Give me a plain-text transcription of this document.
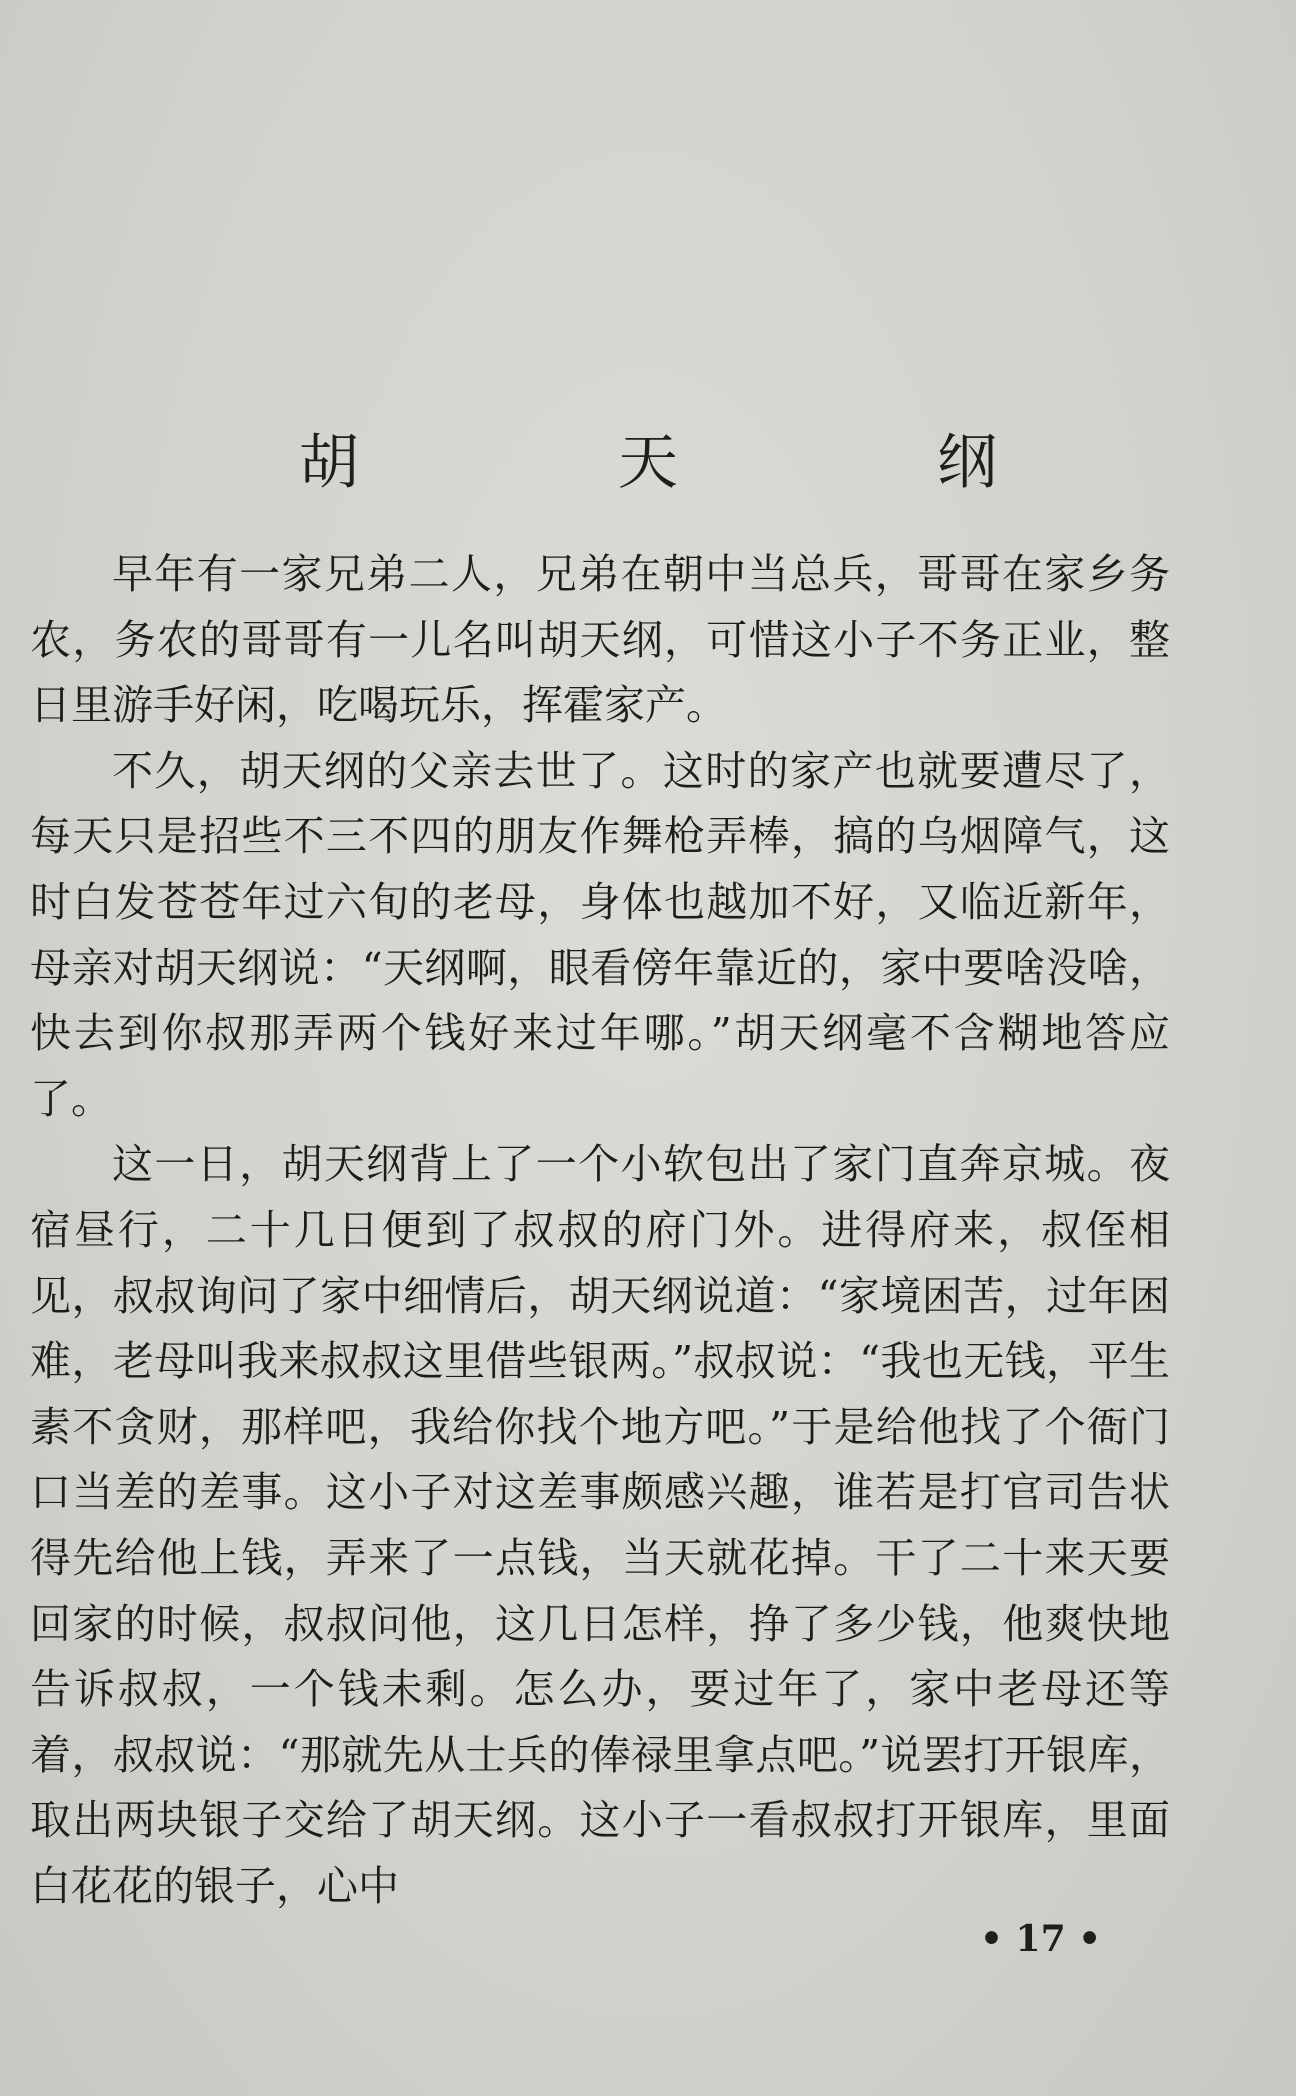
胡 天 纲

早年有一家兄弟二人，兄弟在朝中当总兵，哥哥在家乡务农，务农的哥哥有一儿名叫胡天纲，可惜这小子不务正业，整日里游手好闲，吃喝玩乐，挥霍家产。

不久，胡天纲的父亲去世了。这时的家产也就要遭尽了，每天只是招些不三不四的朋友作舞枪弄棒，搞的乌烟障气，这时白发苍苍年过六旬的老母，身体也越加不好，又临近新年，母亲对胡天纲说：“天纲啊，眼看傍年靠近的，家中要啥没啥，快去到你叔那弄两个钱好来过年哪。”胡天纲毫不含糊地答应了。

这一日，胡天纲背上了一个小软包出了家门直奔京城。夜宿昼行，二十几日便到了叔叔的府门外。进得府来，叔侄相见，叔叔询问了家中细情后，胡天纲说道：“家境困苦，过年困难，老母叫我来叔叔这里借些银两。”叔叔说：“我也无钱，平生素不贪财，那样吧，我给你找个地方吧。”于是给他找了个衙门口当差的差事。这小子对这差事颇感兴趣，谁若是打官司告状得先给他上钱，弄来了一点钱，当天就花掉。干了二十来天要回家的时候，叔叔问他，这几日怎样，挣了多少钱，他爽快地告诉叔叔，一个钱未剩。怎么办，要过年了，家中老母还等着，叔叔说：“那就先从士兵的俸禄里拿点吧。”说罢打开银库，取出两块银子交给了胡天纲。这小子一看叔叔打开银库，里面白花花的银子，心中

• 17 •
